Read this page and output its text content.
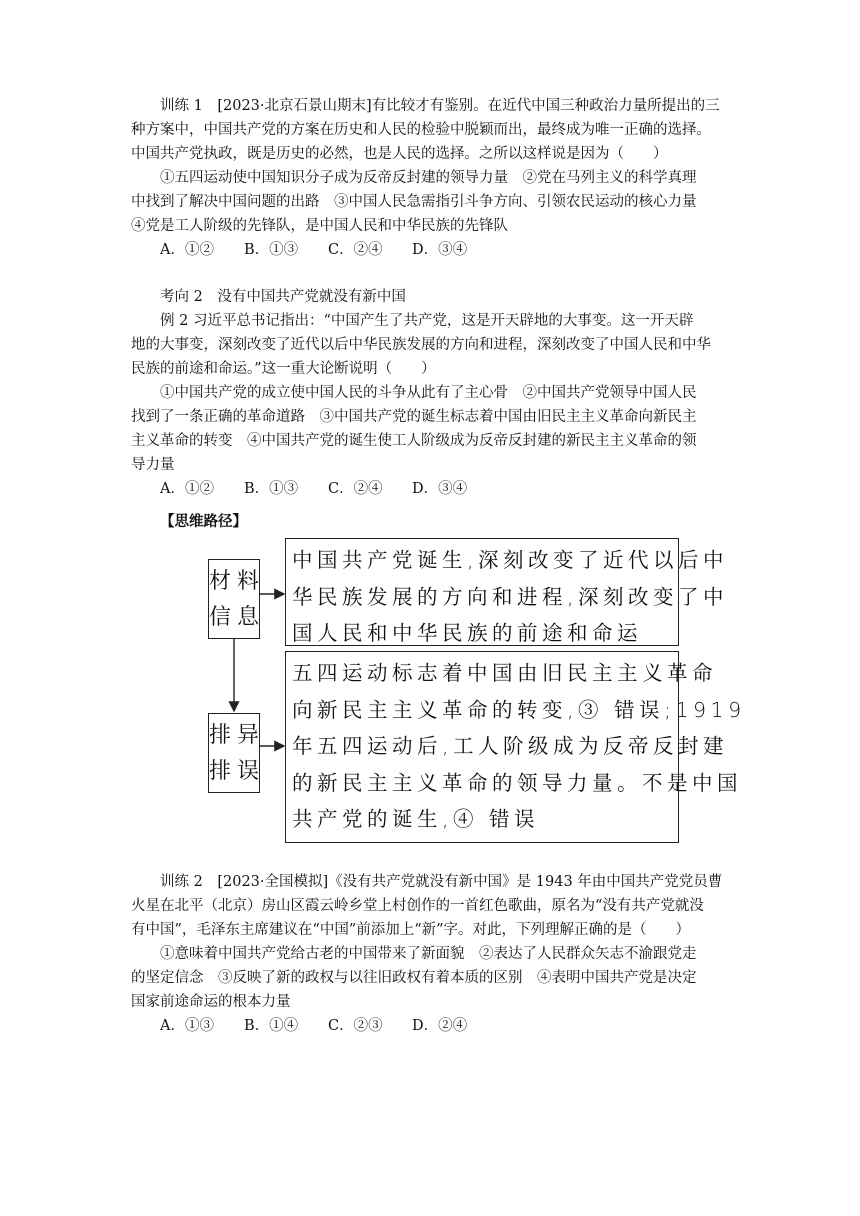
训练 1　[2023·北京石景山期末]有比较才有鉴别。在近代中国三种政治力量所提出的三
种方案中，中国共产党的方案在历史和人民的检验中脱颖而出，最终成为唯一正确的选择。
中国共产党执政，既是历史的必然，也是人民的选择。之所以这样说是因为（　　）
①五四运动使中国知识分子成为反帝反封建的领导力量　②党在马列主义的科学真理
中找到了解决中国问题的出路　③中国人民急需指引斗争方向、引领农民运动的核心力量
④党是工人阶级的先锋队，是中国人民和中华民族的先锋队
A．①②	B．①③	C．②④	D．③④
考向 2　没有中国共产党就没有新中国
例 2 习近平总书记指出：“中国产生了共产党，这是开天辟地的大事变。这一开天辟
地的大事变，深刻改变了近代以后中华民族发展的方向和进程，深刻改变了中国人民和中华
民族的前途和命运。”这一重大论断说明（　　）
①中国共产党的成立使中国人民的斗争从此有了主心骨　②中国共产党领导中国人民
找到了一条正确的革命道路　③中国共产党的诞生标志着中国由旧民主主义革命向新民主
主义革命的转变　④中国共产党的诞生使工人阶级成为反帝反封建的新民主主义革命的领
导力量
A．①②	B．①③	C．②④	D．③④
【思维路径】
材料
信息
中国共产党诞生,深刻改变了近代以后中
华民族发展的方向和进程,深刻改变了中
国人民和中华民族的前途和命运
排异
排误
五四运动标志着中国由旧民主主义革命
向新民主主义革命的转变,③ 错误;1919
年五四运动后,工人阶级成为反帝反封建
的新民主主义革命的领导力量。不是中国
共产党的诞生,④ 错误
训练 2　[2023·全国模拟]《没有共产党就没有新中国》是 1943 年由中国共产党党员曹
火星在北平（北京）房山区霞云岭乡堂上村创作的一首红色歌曲，原名为“没有共产党就没
有中国”，毛泽东主席建议在“中国”前添加上“新”字。对此，下列理解正确的是（　　）
①意味着中国共产党给古老的中国带来了新面貌　②表达了人民群众矢志不渝跟党走
的坚定信念　③反映了新的政权与以往旧政权有着本质的区别　④表明中国共产党是决定
国家前途命运的根本力量
A．①③	B．①④	C．②③	D．②④
